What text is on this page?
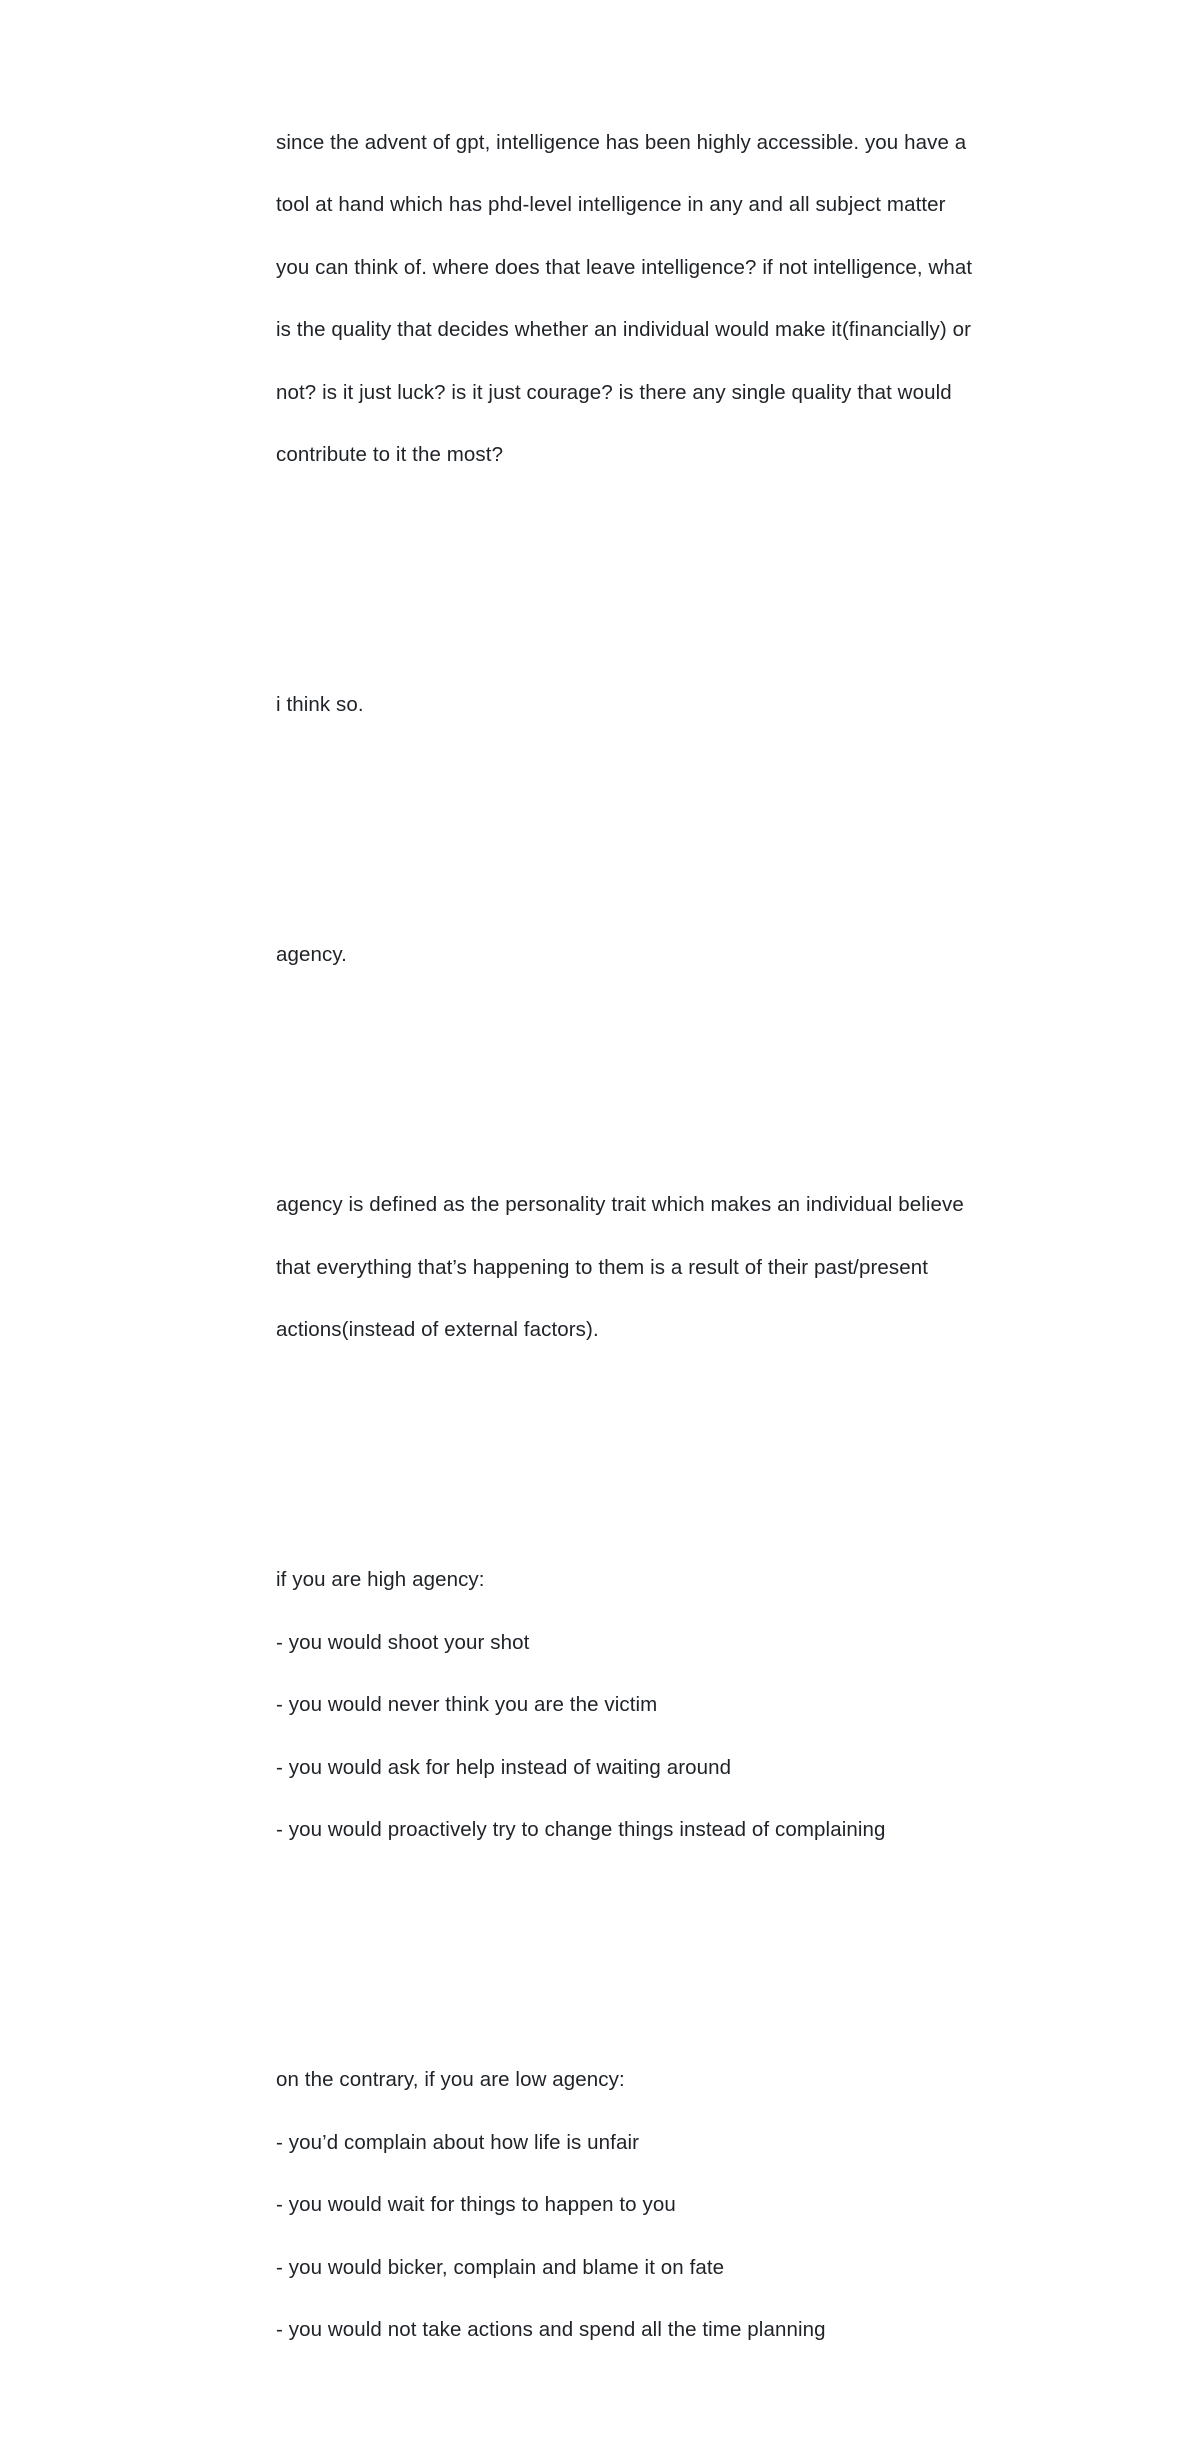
since the advent of gpt, intelligence has been highly accessible. you have a

tool at hand which has phd-level intelligence in any and all subject matter

you can think of. where does that leave intelligence? if not intelligence, what

is the quality that decides whether an individual would make it(financially) or

not? is it just luck? is it just courage? is there any single quality that would

contribute to it the most?

i think so.

agency.

agency is defined as the personality trait which makes an individual believe

that everything that’s happening to them is a result of their past/present

actions(instead of external factors).

if you are high agency:

- you would shoot your shot

- you would never think you are the victim

- you would ask for help instead of waiting around

- you would proactively try to change things instead of complaining

on the contrary, if you are low agency:

- you’d complain about how life is unfair

- you would wait for things to happen to you

- you would bicker, complain and blame it on fate

- you would not take actions and spend all the time planning
